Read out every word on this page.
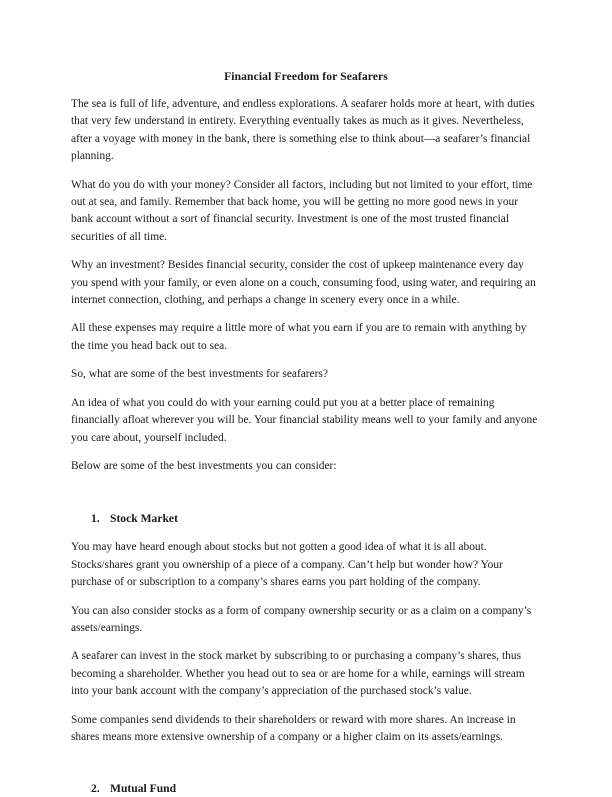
Financial Freedom for Seafarers

The sea is full of life, adventure, and endless explorations. A seafarer holds more at heart, with duties that very few understand in entirety. Everything eventually takes as much as it gives. Nevertheless, after a voyage with money in the bank, there is something else to think about—a seafarer’s financial planning.

What do you do with your money? Consider all factors, including but not limited to your effort, time out at sea, and family. Remember that back home, you will be getting no more good news in your bank account without a sort of financial security. Investment is one of the most trusted financial securities of all time.

Why an investment? Besides financial security, consider the cost of upkeep maintenance every day you spend with your family, or even alone on a couch, consuming food, using water, and requiring an internet connection, clothing, and perhaps a change in scenery every once in a while.

All these expenses may require a little more of what you earn if you are to remain with anything by the time you head back out to sea.

So, what are some of the best investments for seafarers?

An idea of what you could do with your earning could put you at a better place of remaining financially afloat wherever you will be. Your financial stability means well to your family and anyone you care about, yourself included.

Below are some of the best investments you can consider:

1. Stock Market

You may have heard enough about stocks but not gotten a good idea of what it is all about. Stocks/shares grant you ownership of a piece of a company. Can’t help but wonder how? Your purchase of or subscription to a company’s shares earns you part holding of the company.

You can also consider stocks as a form of company ownership security or as a claim on a company’s assets/earnings.

A seafarer can invest in the stock market by subscribing to or purchasing a company’s shares, thus becoming a shareholder. Whether you head out to sea or are home for a while, earnings will stream into your bank account with the company’s appreciation of the purchased stock’s value.

Some companies send dividends to their shareholders or reward with more shares. An increase in shares means more extensive ownership of a company or a higher claim on its assets/earnings.

2. Mutual Fund
